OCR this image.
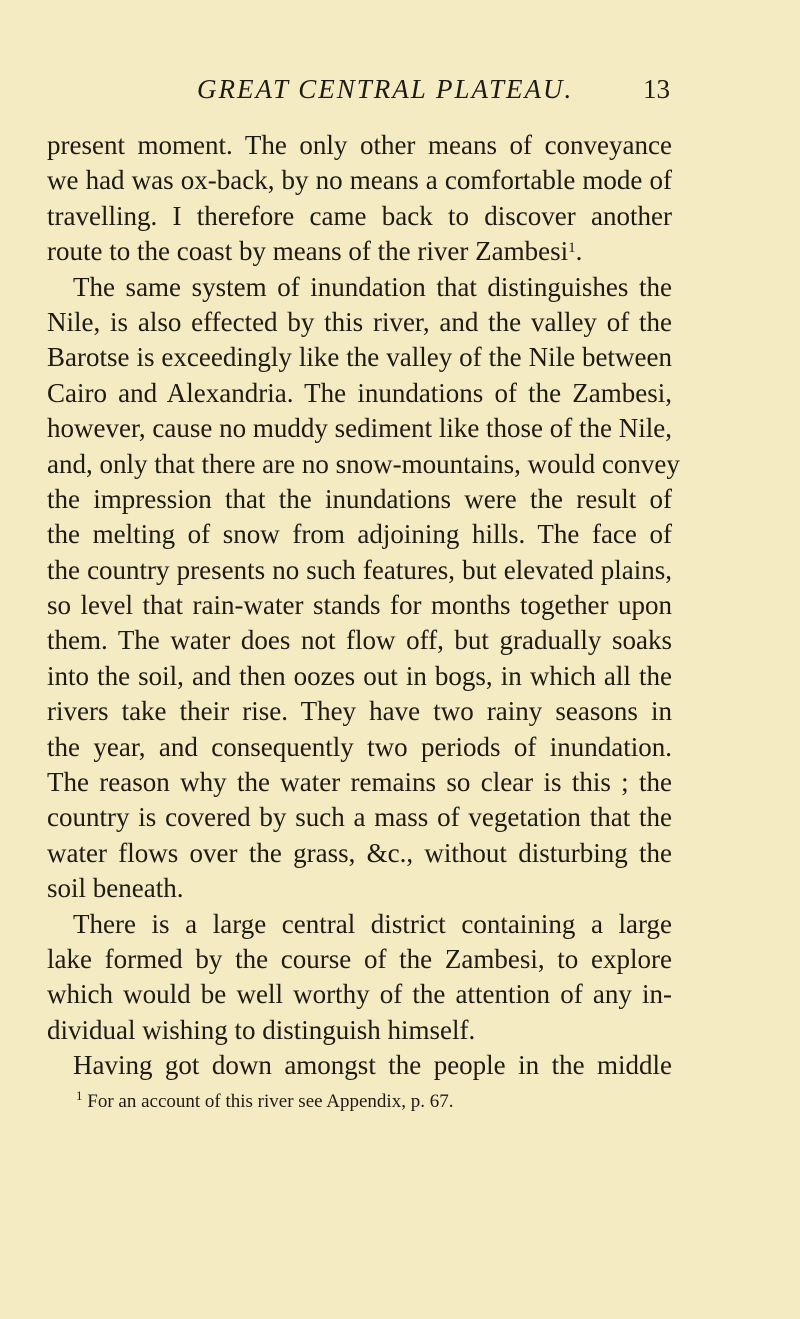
GREAT CENTRAL PLATEAU.	13
present moment. The only other means of conveyance
we had was ox-back, by no means a comfortable mode of
travelling. I therefore came back to discover another
route to the coast by means of the river Zambesi$^1$.
The same system of inundation that distinguishes the
Nile, is also effected by this river, and the valley of the
Barotse is exceedingly like the valley of the Nile between
Cairo and Alexandria. The inundations of the Zambesi,
however, cause no muddy sediment like those of the Nile,
and, only that there are no snow-mountains, would convey
the impression that the inundations were the result of
the melting of snow from adjoining hills. The face of
the country presents no such features, but elevated plains,
so level that rain-water stands for months together upon
them. The water does not flow off, but gradually soaks
into the soil, and then oozes out in bogs, in which all the
rivers take their rise. They have two rainy seasons in
the year, and consequently two periods of inundation.
The reason why the water remains so clear is this ; the
country is covered by such a mass of vegetation that the
water flows over the grass, &c., without disturbing the
soil beneath.
There is a large central district containing a large
lake formed by the course of the Zambesi, to explore
which would be well worthy of the attention of any in-
dividual wishing to distinguish himself.
Having got down amongst the people in the middle
$^1$ For an account of this river see Appendix, p. 67.
